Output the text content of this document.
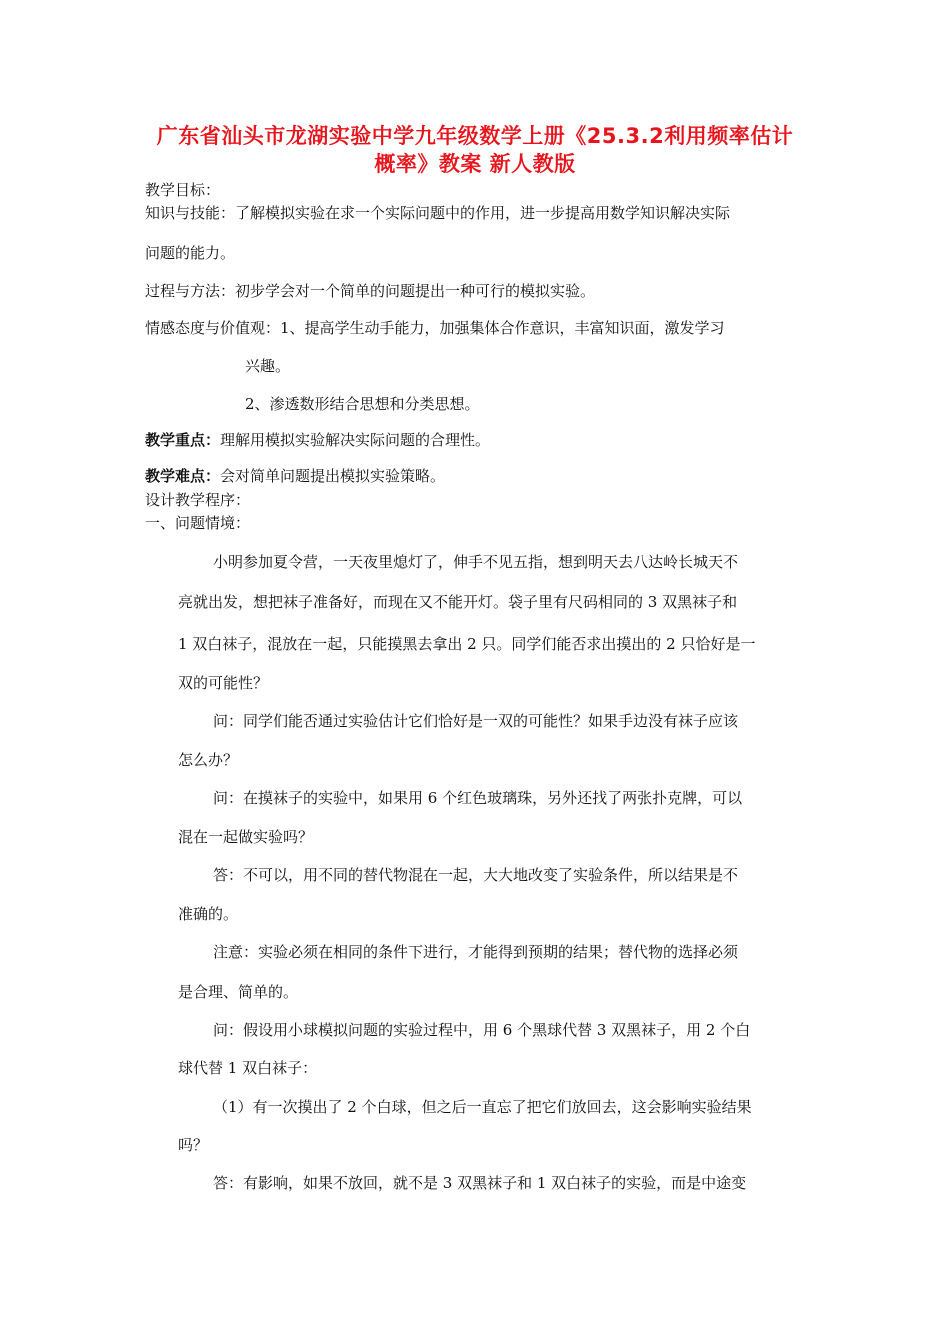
广东省汕头市龙湖实验中学九年级数学上册《25.3.2利用频率估计
概率》教案 新人教版
教学目标：
知识与技能：了解模拟实验在求一个实际问题中的作用，进一步提高用数学知识解决实际
问题的能力。
过程与方法：初步学会对一个简单的问题提出一种可行的模拟实验。
情感态度与价值观：1、提高学生动手能力，加强集体合作意识，丰富知识面，激发学习
兴趣。
2、渗透数形结合思想和分类思想。
教学重点：理解用模拟实验解决实际问题的合理性。
教学难点：会对简单问题提出模拟实验策略。
设计教学程序：
一、问题情境：
小明参加夏令营，一天夜里熄灯了，伸手不见五指，想到明天去八达岭长城天不
亮就出发，想把袜子准备好，而现在又不能开灯。袋子里有尺码相同的 3 双黑袜子和
1 双白袜子，混放在一起，只能摸黑去拿出 2 只。同学们能否求出摸出的 2 只恰好是一
双的可能性？
问：同学们能否通过实验估计它们恰好是一双的可能性？如果手边没有袜子应该
怎么办？
问：在摸袜子的实验中，如果用 6 个红色玻璃珠，另外还找了两张扑克牌，可以
混在一起做实验吗？
答：不可以，用不同的替代物混在一起，大大地改变了实验条件，所以结果是不
准确的。
注意：实验必须在相同的条件下进行，才能得到预期的结果；替代物的选择必须
是合理、简单的。
问：假设用小球模拟问题的实验过程中，用 6 个黑球代替 3 双黑袜子，用 2 个白
球代替 1 双白袜子：
（1）有一次摸出了 2 个白球，但之后一直忘了把它们放回去，这会影响实验结果
吗？
答：有影响，如果不放回，就不是 3 双黑袜子和 1 双白袜子的实验，而是中途变
